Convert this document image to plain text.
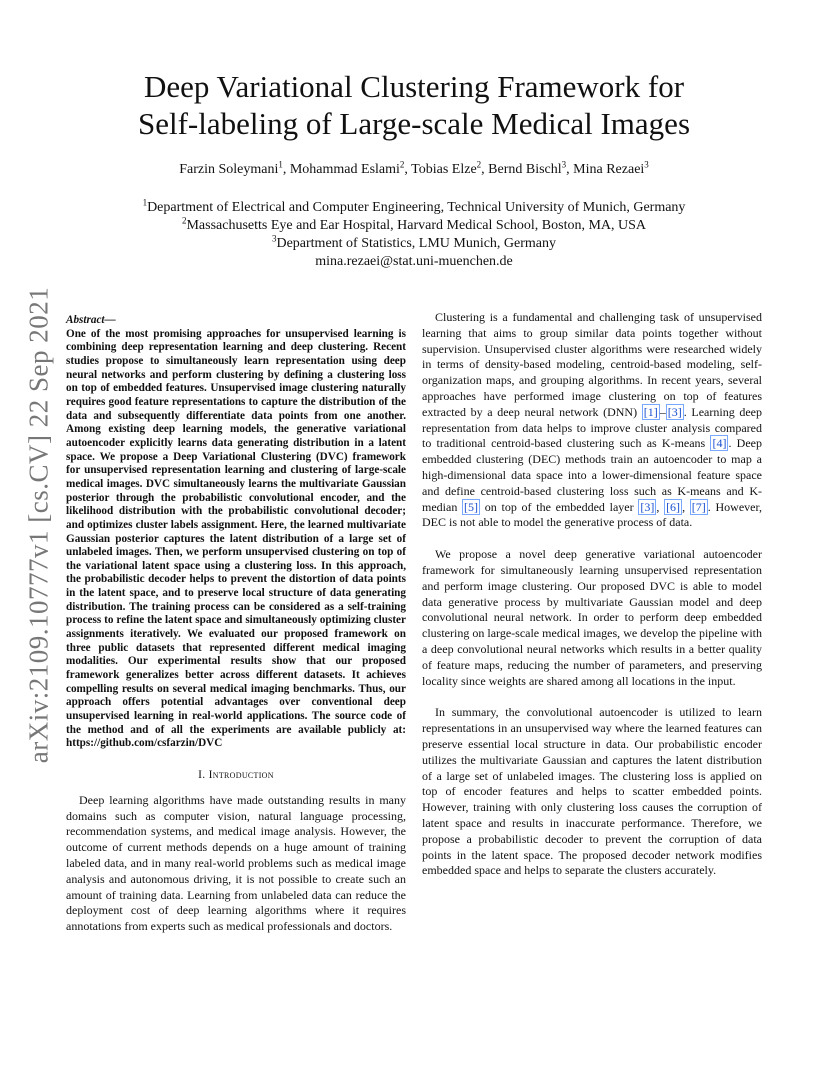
arXiv:2109.10777v1 [cs.CV] 22 Sep 2021
Deep Variational Clustering Framework for
Self-labeling of Large-scale Medical Images
Farzin Soleymani$^1$, Mohammad Eslami$^2$, Tobias Elze$^2$, Bernd Bischl$^3$, Mina Rezaei$^3$
$^1$Department of Electrical and Computer Engineering, Technical University of Munich, Germany
$^2$Massachusetts Eye and Ear Hospital, Harvard Medical School, Boston, MA, USA
$^3$Department of Statistics, LMU Munich, Germany
mina.rezaei@stat.uni-muenchen.de

Abstract—
One of the most promising approaches for unsupervised learning is combining deep representation learning and deep clustering. Recent studies propose to simultaneously learn representation using deep neural networks and perform clustering by defining a clustering loss on top of embedded features. Unsupervised image clustering naturally requires good feature representations to capture the distribution of the data and subsequently differentiate data points from one another. Among existing deep learning models, the generative variational autoencoder explicitly learns data generating distribution in a latent space. We propose a Deep Variational Clustering (DVC) framework for unsupervised representation learning and clustering of large-scale medical images. DVC simultaneously learns the multivariate Gaussian posterior through the probabilistic convolutional encoder, and the likelihood distribution with the probabilistic convolutional decoder; and optimizes cluster labels assignment. Here, the learned multivariate Gaussian posterior captures the latent distribution of a large set of unlabeled images. Then, we perform unsupervised clustering on top of the variational latent space using a clustering loss. In this approach, the probabilistic decoder helps to prevent the distortion of data points in the latent space, and to preserve local structure of data generating distribution. The training process can be considered as a self-training process to refine the latent space and simultaneously optimizing cluster assignments iteratively. We evaluated our proposed framework on three public datasets that represented different medical imaging modalities. Our experimental results show that our proposed framework generalizes better across different datasets. It achieves compelling results on several medical imaging benchmarks. Thus, our approach offers potential advantages over conventional deep unsupervised learning in real-world applications. The source code of the method and of all the experiments are available publicly at: https://github.com/csfarzin/DVC

I. Introduction

Deep learning algorithms have made outstanding results in many domains such as computer vision, natural language processing, recommendation systems, and medical image analysis. However, the outcome of current methods depends on a huge amount of training labeled data, and in many real-world problems such as medical image analysis and autonomous driving, it is not possible to create such an amount of training data. Learning from unlabeled data can reduce the deployment cost of deep learning algorithms where it requires annotations from experts such as medical professionals and doctors.

Clustering is a fundamental and challenging task of unsupervised learning that aims to group similar data points together without supervision. Unsupervised cluster algorithms were researched widely in terms of density-based modeling, centroid-based modeling, self-organization maps, and grouping algorithms. In recent years, several approaches have performed image clustering on top of features extracted by a deep neural network (DNN) [1] – [3] . Learning deep representation from data helps to improve cluster analysis compared to traditional centroid-based clustering such as K-means [4] . Deep embedded clustering (DEC) methods train an autoencoder to map a high-dimensional data space into a lower-dimensional feature space and define centroid-based clustering loss such as K-means and K-median [5] on top of the embedded layer [3] , [6] , [7] . However, DEC is not able to model the generative process of data.

We propose a novel deep generative variational autoencoder framework for simultaneously learning unsupervised representation and perform image clustering. Our proposed DVC is able to model data generative process by multivariate Gaussian model and deep convolutional neural network. In order to perform deep embedded clustering on large-scale medical images, we develop the pipeline with a deep convolutional neural networks which results in a better quality of feature maps, reducing the number of parameters, and preserving locality since weights are shared among all locations in the input.

In summary, the convolutional autoencoder is utilized to learn representations in an unsupervised way where the learned features can preserve essential local structure in data. Our probabilistic encoder utilizes the multivariate Gaussian and captures the latent distribution of a large set of unlabeled images. The clustering loss is applied on top of encoder features and helps to scatter embedded points. However, training with only clustering loss causes the corruption of latent space and results in inaccurate performance. Therefore, we propose a probabilistic decoder to prevent the corruption of data points in the latent space. The proposed decoder network modifies embedded space and helps to separate the clusters accurately.
